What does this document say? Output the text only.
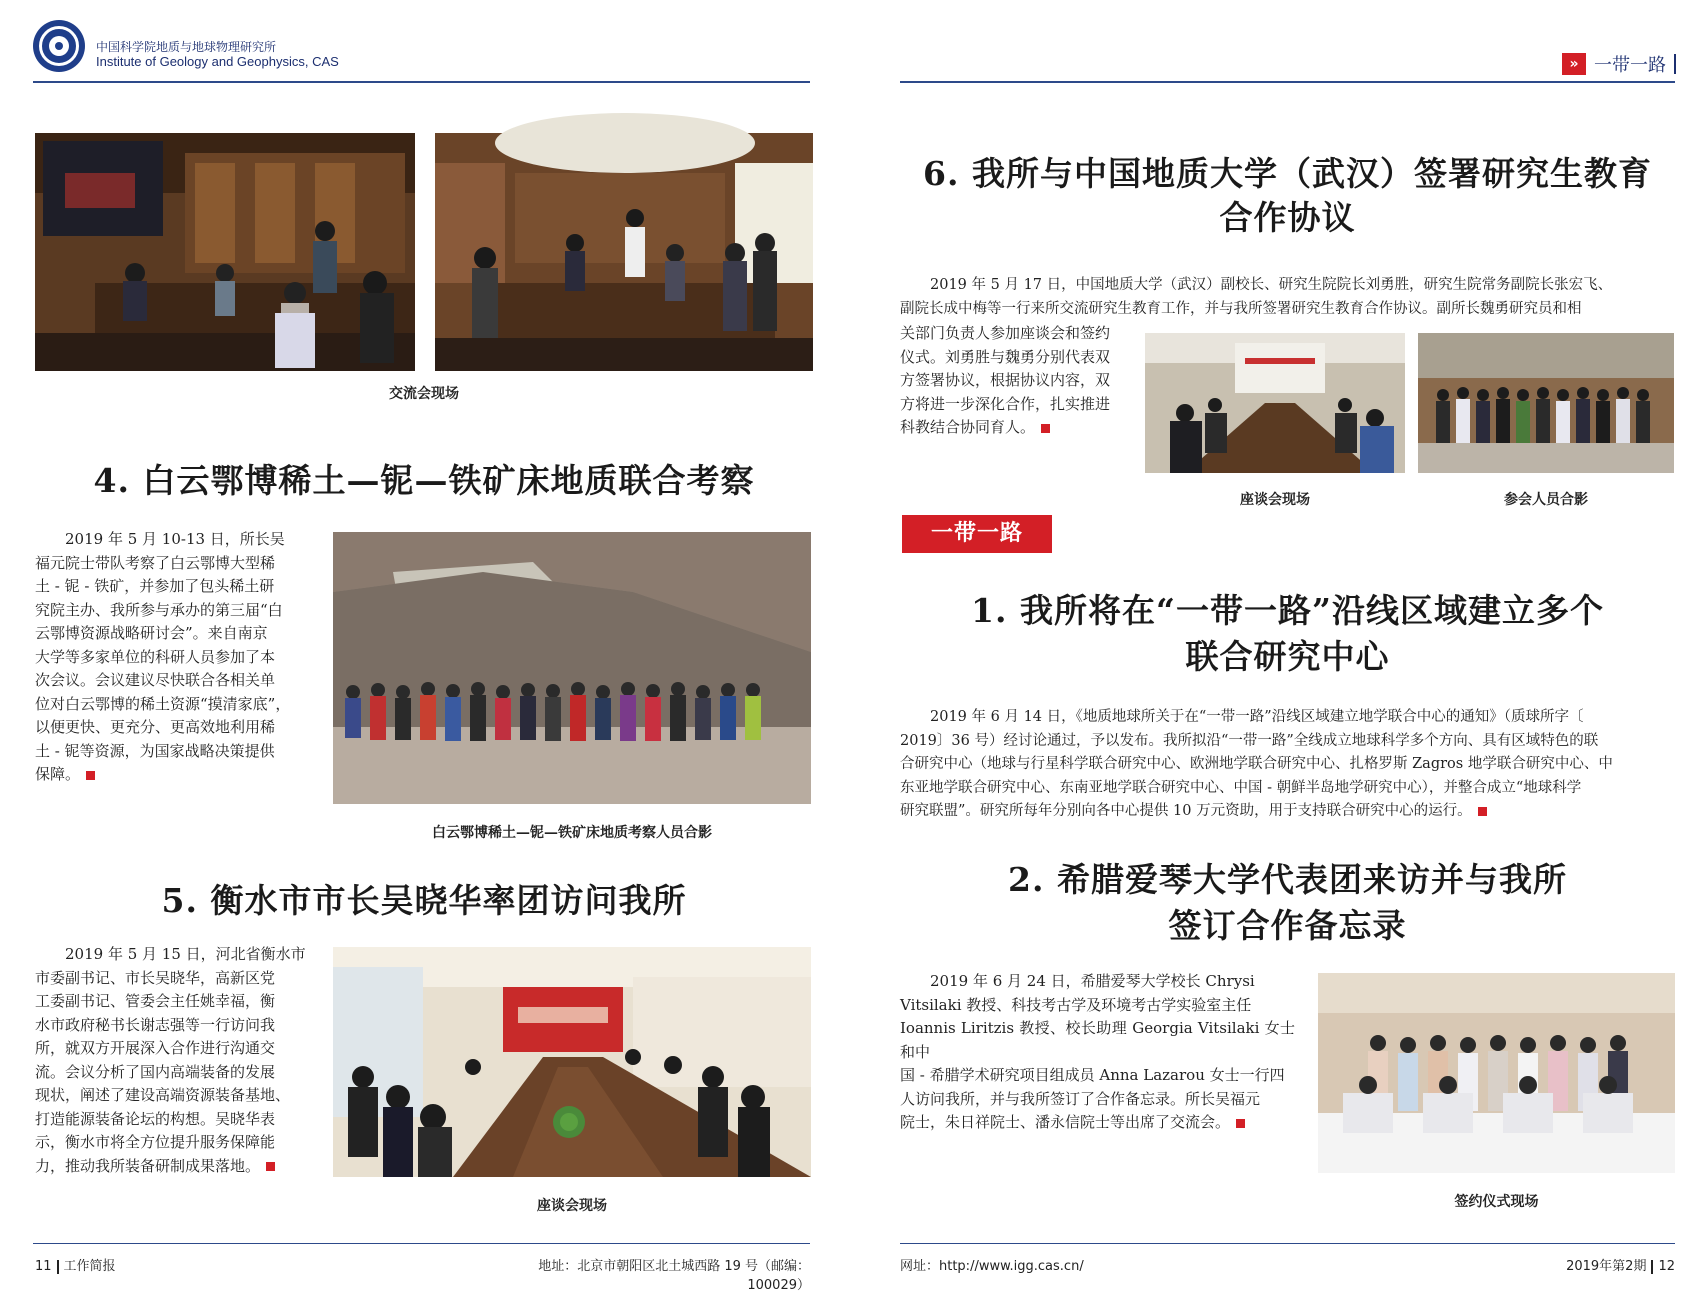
中国科学院地质与地球物理研究所
Institute of Geology and Geophysics, CAS	» 一带一路
交流会现场
4. 白云鄂博稀土—铌—铁矿床地质联合考察
2019 年 5 月 10-13 日，所长吴
福元院士带队考察了白云鄂博大型稀
土 - 铌 - 铁矿，并参加了包头稀土研
究院主办、我所参与承办的第三届“白
云鄂博资源战略研讨会”。来自南京
大学等多家单位的科研人员参加了本
次会议。会议建议尽快联合各相关单
位对白云鄂博的稀土资源“摸清家底”，
以便更快、更充分、更高效地利用稀
土 - 铌等资源，为国家战略决策提供
保障。
白云鄂博稀土—铌—铁矿床地质考察人员合影
5. 衡水市市长吴晓华率团访问我所
2019 年 5 月 15 日，河北省衡水市
市委副书记、市长吴晓华，高新区党
工委副书记、管委会主任姚幸福，衡
水市政府秘书长谢志强等一行访问我
所，就双方开展深入合作进行沟通交
流。会议分析了国内高端装备的发展
现状，阐述了建设高端资源装备基地、
打造能源装备论坛的构想。吴晓华表
示，衡水市将全方位提升服务保障能
力，推动我所装备研制成果落地。
座谈会现场
6. 我所与中国地质大学（武汉）签署研究生教育
合作协议
2019 年 5 月 17 日，中国地质大学（武汉）副校长、研究生院院长刘勇胜，研究生院常务副院长张宏飞、
副院长成中梅等一行来所交流研究生教育工作，并与我所签署研究生教育合作协议。副所长魏勇研究员和相
关部门负责人参加座谈会和签约
仪式。刘勇胜与魏勇分别代表双
方签署协议，根据协议内容，双
方将进一步深化合作，扎实推进
科教结合协同育人。
座谈会现场	参会人员合影
一带一路
1. 我所将在“一带一路”沿线区域建立多个
联合研究中心
2019 年 6 月 14 日，《地质地球所关于在“一带一路”沿线区域建立地学联合中心的通知》（质球所字〔
2019〕36 号）经讨论通过，予以发布。我所拟沿“一带一路”全线成立地球科学多个方向、具有区域特色的联
合研究中心（地球与行星科学联合研究中心、欧洲地学联合研究中心、扎格罗斯 Zagros 地学联合研究中心、中
东亚地学联合研究中心、东南亚地学联合研究中心、中国 - 朝鲜半岛地学研究中心），并整合成立“地球科学
研究联盟”。研究所每年分别向各中心提供 10 万元资助，用于支持联合研究中心的运行。
2. 希腊爱琴大学代表团来访并与我所
签订合作备忘录
2019 年 6 月 24 日，希腊爱琴大学校长 Chrysi
Vitsilaki 教授、科技考古学及环境考古学实验室主任
Ioannis Liritzis 教授、校长助理 Georgia Vitsilaki 女士和中
国 - 希腊学术研究项目组成员 Anna Lazarou 女士一行四
人访问我所，并与我所签订了合作备忘录。所长吴福元
院士，朱日祥院士、潘永信院士等出席了交流会。
签约仪式现场
11 工作简报	地址：北京市朝阳区北土城西路 19 号（邮编：100029）
网址：http://www.igg.cas.cn/	2019年第2期 12
